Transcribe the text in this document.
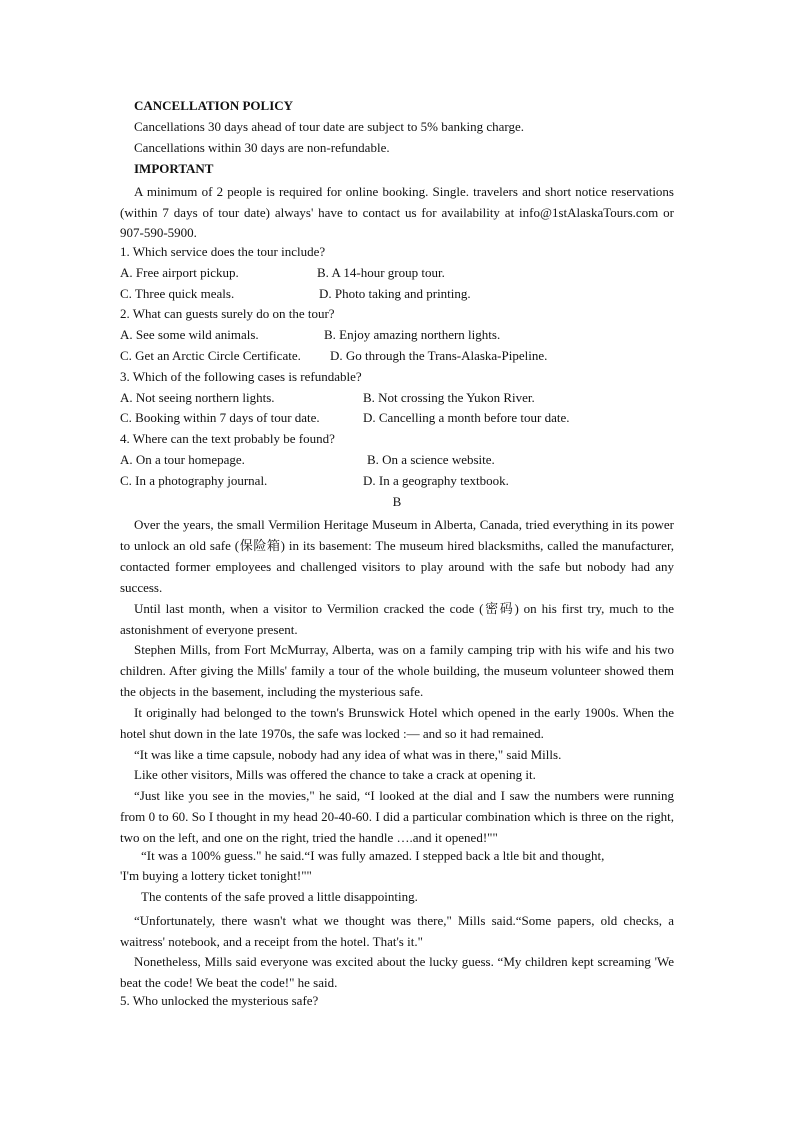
CANCELLATION POLICY
Cancellations 30 days ahead of tour date are subject to 5% banking charge.
Cancellations within 30 days are non-refundable.
IMPORTANT
A minimum of 2 people is required for online booking. Single. travelers and short notice reservations (within 7 days of tour date) always' have to contact us for availability at info@1stAlaskaTours.com or 907-590-5900.
1. Which service does the tour include?
A. Free airport pickup.	B. A 14-hour group tour.
C. Three quick meals.	D. Photo taking and printing.
2. What can guests surely do on the tour?
A. See some wild animals.	B. Enjoy amazing northern lights.
C. Get an Arctic Circle Certificate. D. Go through the Trans-Alaska-Pipeline.
3. Which of the following cases is refundable?
A. Not seeing northern lights.	B. Not crossing the Yukon River.
C. Booking within 7 days of tour date.	D. Cancelling a month before tour date.
4. Where can the text probably be found?
A. On a tour homepage.	B. On a science website.
C. In a photography journal.	D. In a geography textbook.
B
Over the years, the small Vermilion Heritage Museum in Alberta, Canada, tried everything in its power to unlock an old safe (保险箱) in its basement: The museum hired blacksmiths, called the manufacturer, contacted former employees and challenged visitors to play around with the safe but nobody had any success.
Until last month, when a visitor to Vermilion cracked the code (密码) on his first try, much to the astonishment of everyone present.
Stephen Mills, from Fort McMurray, Alberta, was on a family camping trip with his wife and his two children. After giving the Mills' family a tour of the whole building, the museum volunteer showed them the objects in the basement, including the mysterious safe.
It originally had belonged to the town's Brunswick Hotel which opened in the early 1900s. When the hotel shut down in the late 1970s, the safe was locked :— and so it had remained.
“It was like a time capsule, nobody had any idea of what was in there," said Mills.
Like other visitors, Mills was offered the chance to take a crack at opening it.
“Just like you see in the movies," he said, “I looked at the dial and I saw the numbers were running from 0 to 60. So I thought in my head 20-40-60. I did a particular combination which is three on the right, two on the left, and one on the right, tried the handle ….and it opened!""
“It was a 100% guess." he said.“I was fully amazed. I stepped back a ltle bit and thought,
'I'm buying a lottery ticket tonight!""
The contents of the safe proved a little disappointing.
“Unfortunately, there wasn't what we thought was there," Mills said.“Some papers, old checks, a waitress' notebook, and a receipt from the hotel. That's it."
Nonetheless, Mills said everyone was excited about the lucky guess. “My children kept screaming 'We beat the code! We beat the code!" he said.
5. Who unlocked the mysterious safe?
